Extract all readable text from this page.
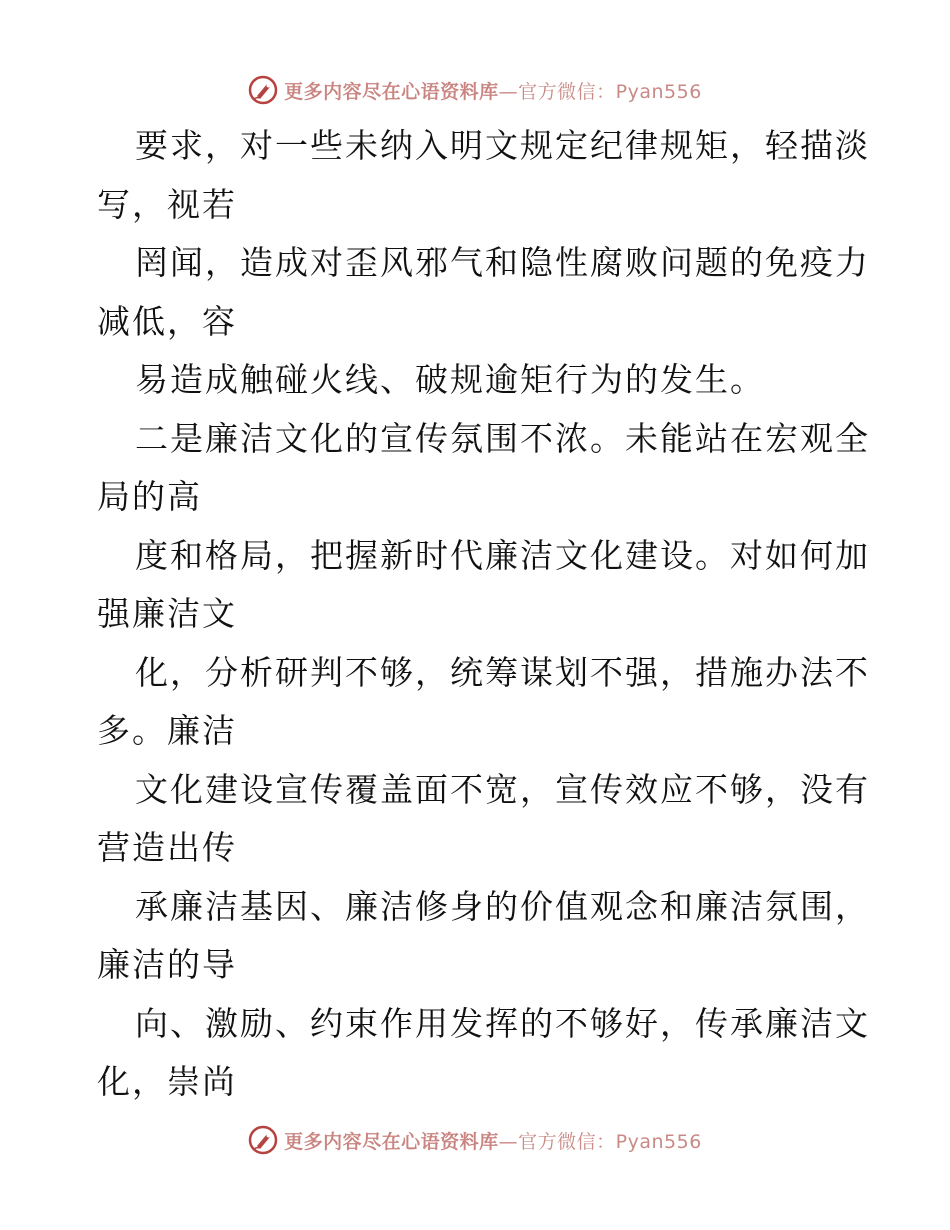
更多内容尽在心语资料库—官方微信：Pyan556
要求，对一些未纳入明文规定纪律规矩，轻描淡
写，视若
罔闻，造成对歪风邪气和隐性腐败问题的免疫力
减低，容
易造成触碰火线、破规逾矩行为的发生。
二是廉洁文化的宣传氛围不浓。未能站在宏观全
局的高
度和格局，把握新时代廉洁文化建设。对如何加
强廉洁文
化，分析研判不够，统筹谋划不强，措施办法不
多。廉洁
文化建设宣传覆盖面不宽，宣传效应不够，没有
营造出传
承廉洁基因、廉洁修身的价值观念和廉洁氛围，
廉洁的导
向、激励、约束作用发挥的不够好，传承廉洁文
化，崇尚
更多内容尽在心语资料库—官方微信：Pyan556
